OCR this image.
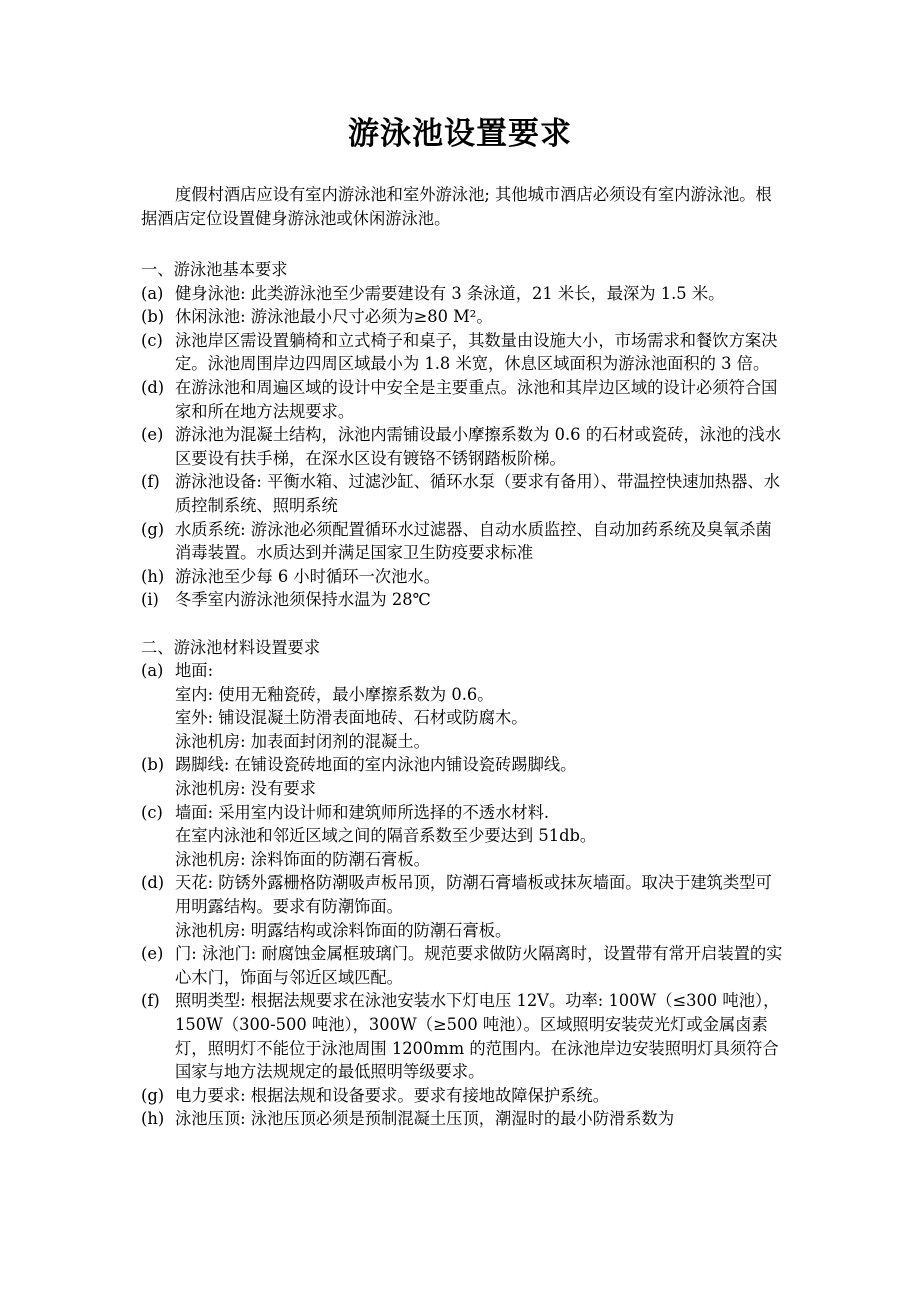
游泳池设置要求
度假村酒店应设有室内游泳池和室外游泳池; 其他城市酒店必须设有室内游泳池。根据酒店定位设置健身游泳池或休闲游泳池。

一、游泳池基本要求

(a) 健身泳池: 此类游泳池至少需要建设有 3 条泳道，21 米长，最深为 1.5 米。

(b) 休闲泳池: 游泳池最小尺寸必须为≥80 M²。

(c) 泳池岸区需设置躺椅和立式椅子和桌子，其数量由设施大小，市场需求和餐饮方案决定。泳池周围岸边四周区域最小为 1.8 米宽，休息区域面积为游泳池面积的 3 倍。

(d) 在游泳池和周遍区域的设计中安全是主要重点。泳池和其岸边区域的设计必须符合国家和所在地方法规要求。

(e) 游泳池为混凝土结构，泳池内需铺设最小摩擦系数为 0.6 的石材或瓷砖，泳池的浅水区要设有扶手梯，在深水区设有镀铬不锈钢踏板阶梯。

(f) 游泳池设备: 平衡水箱、过滤沙缸、循环水泵（要求有备用）、带温控快速加热器、水质控制系统、照明系统

(g) 水质系统: 游泳池必须配置循环水过滤器、自动水质监控、自动加药系统及臭氧杀菌消毒装置。水质达到并满足国家卫生防疫要求标准

(h) 游泳池至少每 6 小时循环一次池水。

(i) 冬季室内游泳池须保持水温为 28℃

二、游泳池材料设置要求

(a) 地面:

室内: 使用无釉瓷砖，最小摩擦系数为 0.6。

室外: 铺设混凝土防滑表面地砖、石材或防腐木。

泳池机房: 加表面封闭剂的混凝土。

(b) 踢脚线: 在铺设瓷砖地面的室内泳池内铺设瓷砖踢脚线。

泳池机房: 没有要求

(c) 墙面: 采用室内设计师和建筑师所选择的不透水材料.

在室内泳池和邻近区域之间的隔音系数至少要达到 51db。

泳池机房: 涂料饰面的防潮石膏板。

(d) 天花: 防锈外露栅格防潮吸声板吊顶，防潮石膏墙板或抹灰墙面。取决于建筑类型可用明露结构。要求有防潮饰面。

泳池机房: 明露结构或涂料饰面的防潮石膏板。

(e) 门: 泳池门: 耐腐蚀金属框玻璃门。规范要求做防火隔离时，设置带有常开启装置的实心木门，饰面与邻近区域匹配。

(f) 照明类型: 根据法规要求在泳池安装水下灯电压 12V。功率: 100W（≤300 吨池），150W（300-500 吨池），300W（≥500 吨池）。区域照明安装荧光灯或金属卤素灯，照明灯不能位于泳池周围 1200mm 的范围内。在泳池岸边安装照明灯具须符合国家与地方法规规定的最低照明等级要求。

(g) 电力要求: 根据法规和设备要求。要求有接地故障保护系统。

(h) 泳池压顶: 泳池压顶必须是预制混凝土压顶，潮湿时的最小防滑系数为
